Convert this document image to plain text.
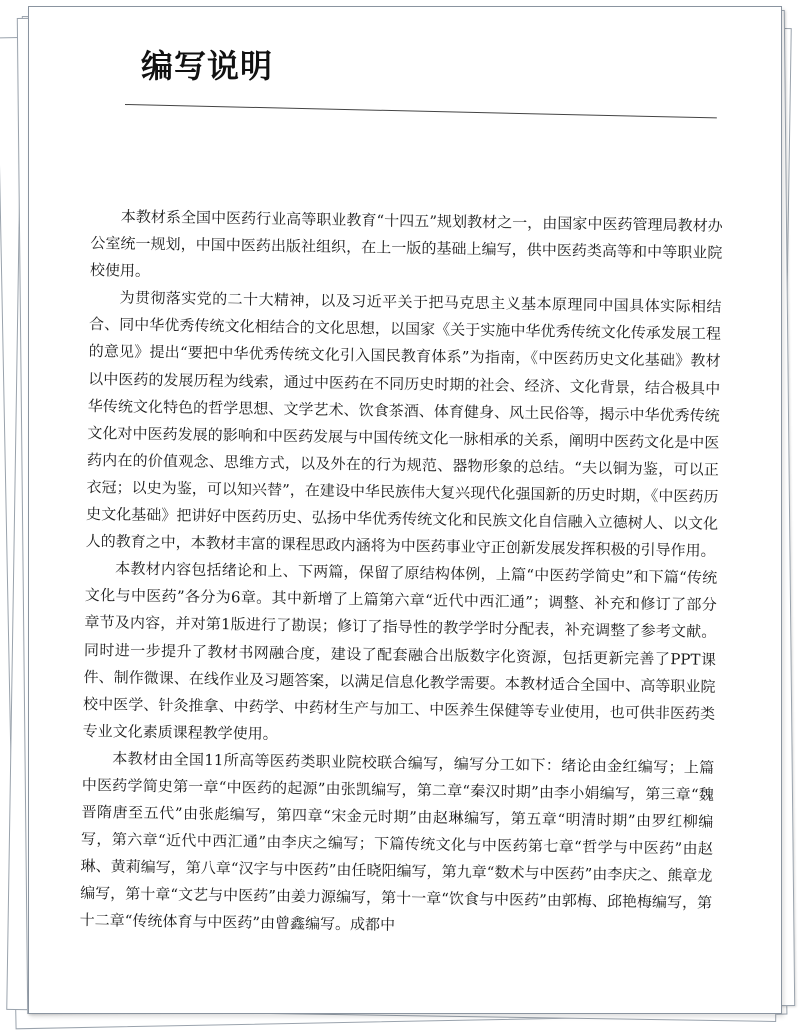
编写说明

本教材系全国中医药行业高等职业教育“十四五”规划教材之一，由国家中医药管理局教材办公室统一规划，中国中医药出版社组织，在上一版的基础上编写，供中医药类高等和中等职业院校使用。

为贯彻落实党的二十大精神，以及习近平关于把马克思主义基本原理同中国具体实际相结合、同中华优秀传统文化相结合的文化思想，以国家《关于实施中华优秀传统文化传承发展工程的意见》提出“要把中华优秀传统文化引入国民教育体系”为指南，《中医药历史文化基础》教材以中医药的发展历程为线索，通过中医药在不同历史时期的社会、经济、文化背景，结合极具中华传统文化特色的哲学思想、文学艺术、饮食茶酒、体育健身、风土民俗等，揭示中华优秀传统文化对中医药发展的影响和中医药发展与中国传统文化一脉相承的关系，阐明中医药文化是中医药内在的价值观念、思维方式，以及外在的行为规范、器物形象的总结。“夫以铜为鉴，可以正衣冠；以史为鉴，可以知兴替”，在建设中华民族伟大复兴现代化强国新的历史时期，《中医药历史文化基础》把讲好中医药历史、弘扬中华优秀传统文化和民族文化自信融入立德树人、以文化人的教育之中，本教材丰富的课程思政内涵将为中医药事业守正创新发展发挥积极的引导作用。

本教材内容包括绪论和上、下两篇，保留了原结构体例，上篇“中医药学简史”和下篇“传统文化与中医药”各分为6章。其中新增了上篇第六章“近代中西汇通”；调整、补充和修订了部分章节及内容，并对第1版进行了勘误；修订了指导性的教学学时分配表，补充调整了参考文献。同时进一步提升了教材书网融合度，建设了配套融合出版数字化资源，包括更新完善了PPT课件、制作微课、在线作业及习题答案，以满足信息化教学需要。本教材适合全国中、高等职业院校中医学、针灸推拿、中药学、中药材生产与加工、中医养生保健等专业使用，也可供非医药类专业文化素质课程教学使用。

本教材由全国11所高等医药类职业院校联合编写，编写分工如下：绪论由金红编写；上篇中医药学简史第一章“中医药的起源”由张凯编写，第二章“秦汉时期”由李小娟编写，第三章“魏晋隋唐至五代”由张彪编写，第四章“宋金元时期”由赵琳编写，第五章“明清时期”由罗红柳编写，第六章“近代中西汇通”由李庆之编写；下篇传统文化与中医药第七章“哲学与中医药”由赵琳、黄莉编写，第八章“汉字与中医药”由任晓阳编写，第九章“数术与中医药”由李庆之、熊章龙编写，第十章“文艺与中医药”由姜力源编写，第十一章“饮食与中医药”由郭梅、邱艳梅编写，第十二章“传统体育与中医药”由曾鑫编写。成都中
